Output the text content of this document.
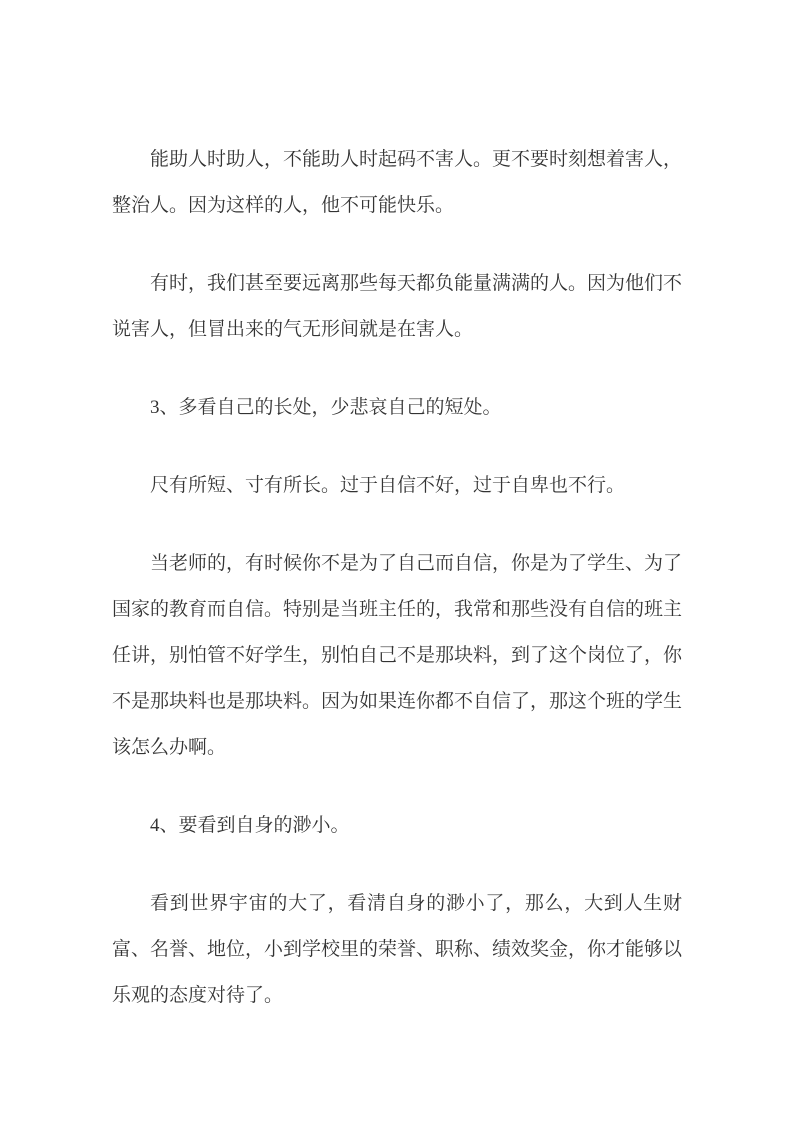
能助人时助人，不能助人时起码不害人。更不要时刻想着害人，整治人。因为这样的人，他不可能快乐。

有时，我们甚至要远离那些每天都负能量满满的人。因为他们不说害人，但冒出来的气无形间就是在害人。

3、多看自己的长处，少悲哀自己的短处。

尺有所短、寸有所长。过于自信不好，过于自卑也不行。

当老师的，有时候你不是为了自己而自信，你是为了学生、为了国家的教育而自信。特别是当班主任的，我常和那些没有自信的班主任讲，别怕管不好学生，别怕自己不是那块料，到了这个岗位了，你不是那块料也是那块料。因为如果连你都不自信了，那这个班的学生该怎么办啊。

4、要看到自身的渺小。

看到世界宇宙的大了，看清自身的渺小了，那么，大到人生财富、名誉、地位，小到学校里的荣誉、职称、绩效奖金，你才能够以乐观的态度对待了。
